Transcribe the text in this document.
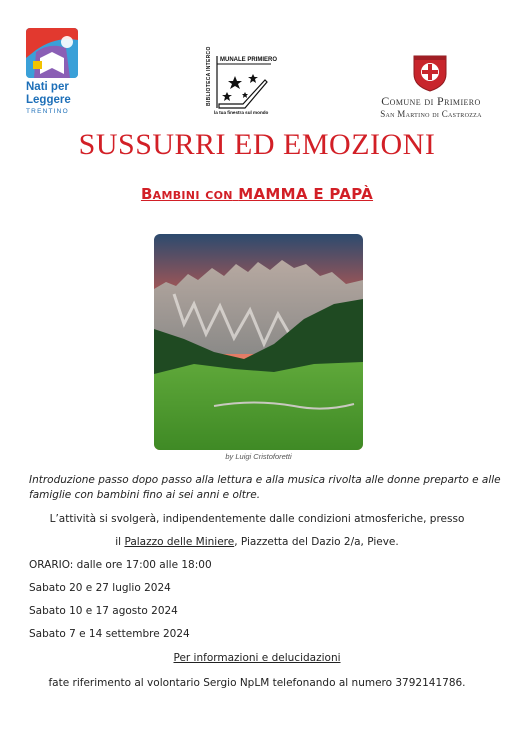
Nati per
Leggere
TRENTINO
BIBLIOTECA INTERCO	MUNALE PRIMIERO
la tua finestra sul mondo
Comune di Primiero
San Martino di Castrozza
SUSSURRI ED EMOZIONI
Bambini con MAMMA E PAPÀ
by Luigi Cristoforetti
Introduzione passo dopo passo alla lettura e alla musica rivolta alle donne preparto e alle
famiglie con bambini fino ai sei anni e oltre.
L’attività si svolgerà, indipendentemente dalle condizioni atmosferiche, presso
il Palazzo delle Miniere, Piazzetta del Dazio 2/a, Pieve.
ORARIO: dalle ore 17:00 alle 18:00
Sabato 20 e 27 luglio 2024
Sabato 10 e 17 agosto 2024
Sabato 7 e 14 settembre 2024
Per informazioni e delucidazioni
fate riferimento al volontario Sergio NpLM telefonando al numero 3792141786.
